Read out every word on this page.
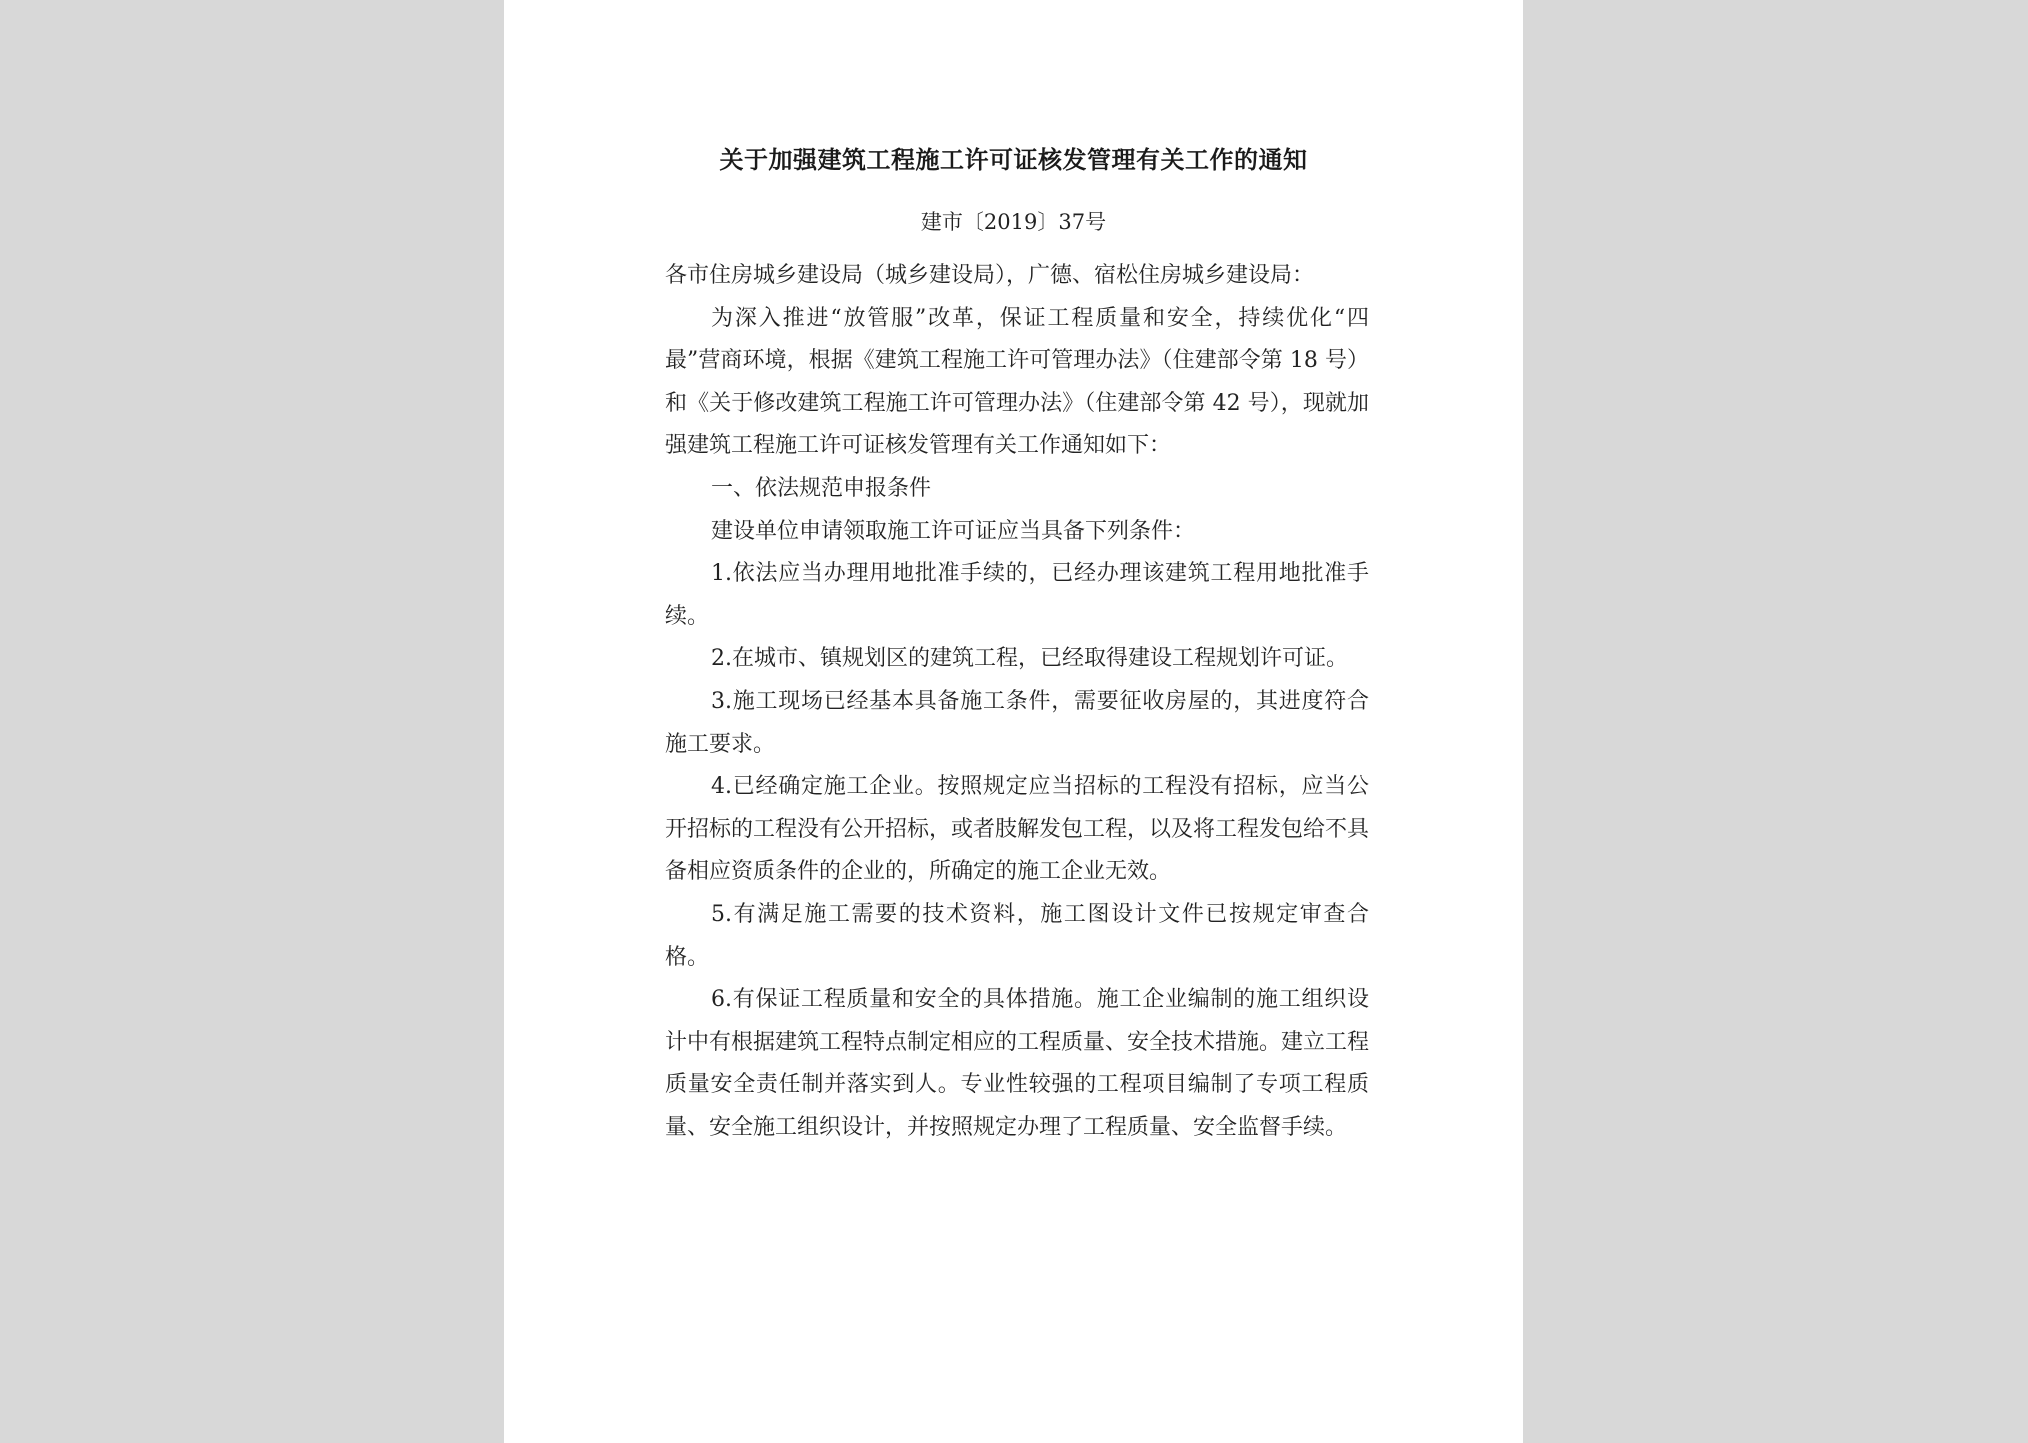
关于加强建筑工程施工许可证核发管理有关工作的通知
建市〔2019〕37号

各市住房城乡建设局（城乡建设局），广德、宿松住房城乡建设局：

为深入推进“放管服”改革，保证工程质量和安全，持续优化“四最”营商环境，根据《建筑工程施工许可管理办法》（住建部令第 18 号）和《关于修改建筑工程施工许可管理办法》（住建部令第 42 号），现就加强建筑工程施工许可证核发管理有关工作通知如下：

一、依法规范申报条件

建设单位申请领取施工许可证应当具备下列条件：

1.依法应当办理用地批准手续的，已经办理该建筑工程用地批准手续。

2.在城市、镇规划区的建筑工程，已经取得建设工程规划许可证。

3.施工现场已经基本具备施工条件，需要征收房屋的，其进度符合施工要求。

4.已经确定施工企业。按照规定应当招标的工程没有招标，应当公开招标的工程没有公开招标，或者肢解发包工程，以及将工程发包给不具备相应资质条件的企业的，所确定的施工企业无效。

5.有满足施工需要的技术资料，施工图设计文件已按规定审查合格。

6.有保证工程质量和安全的具体措施。施工企业编制的施工组织设计中有根据建筑工程特点制定相应的工程质量、安全技术措施。建立工程质量安全责任制并落实到人。专业性较强的工程项目编制了专项工程质量、安全施工组织设计，并按照规定办理了工程质量、安全监督手续。
